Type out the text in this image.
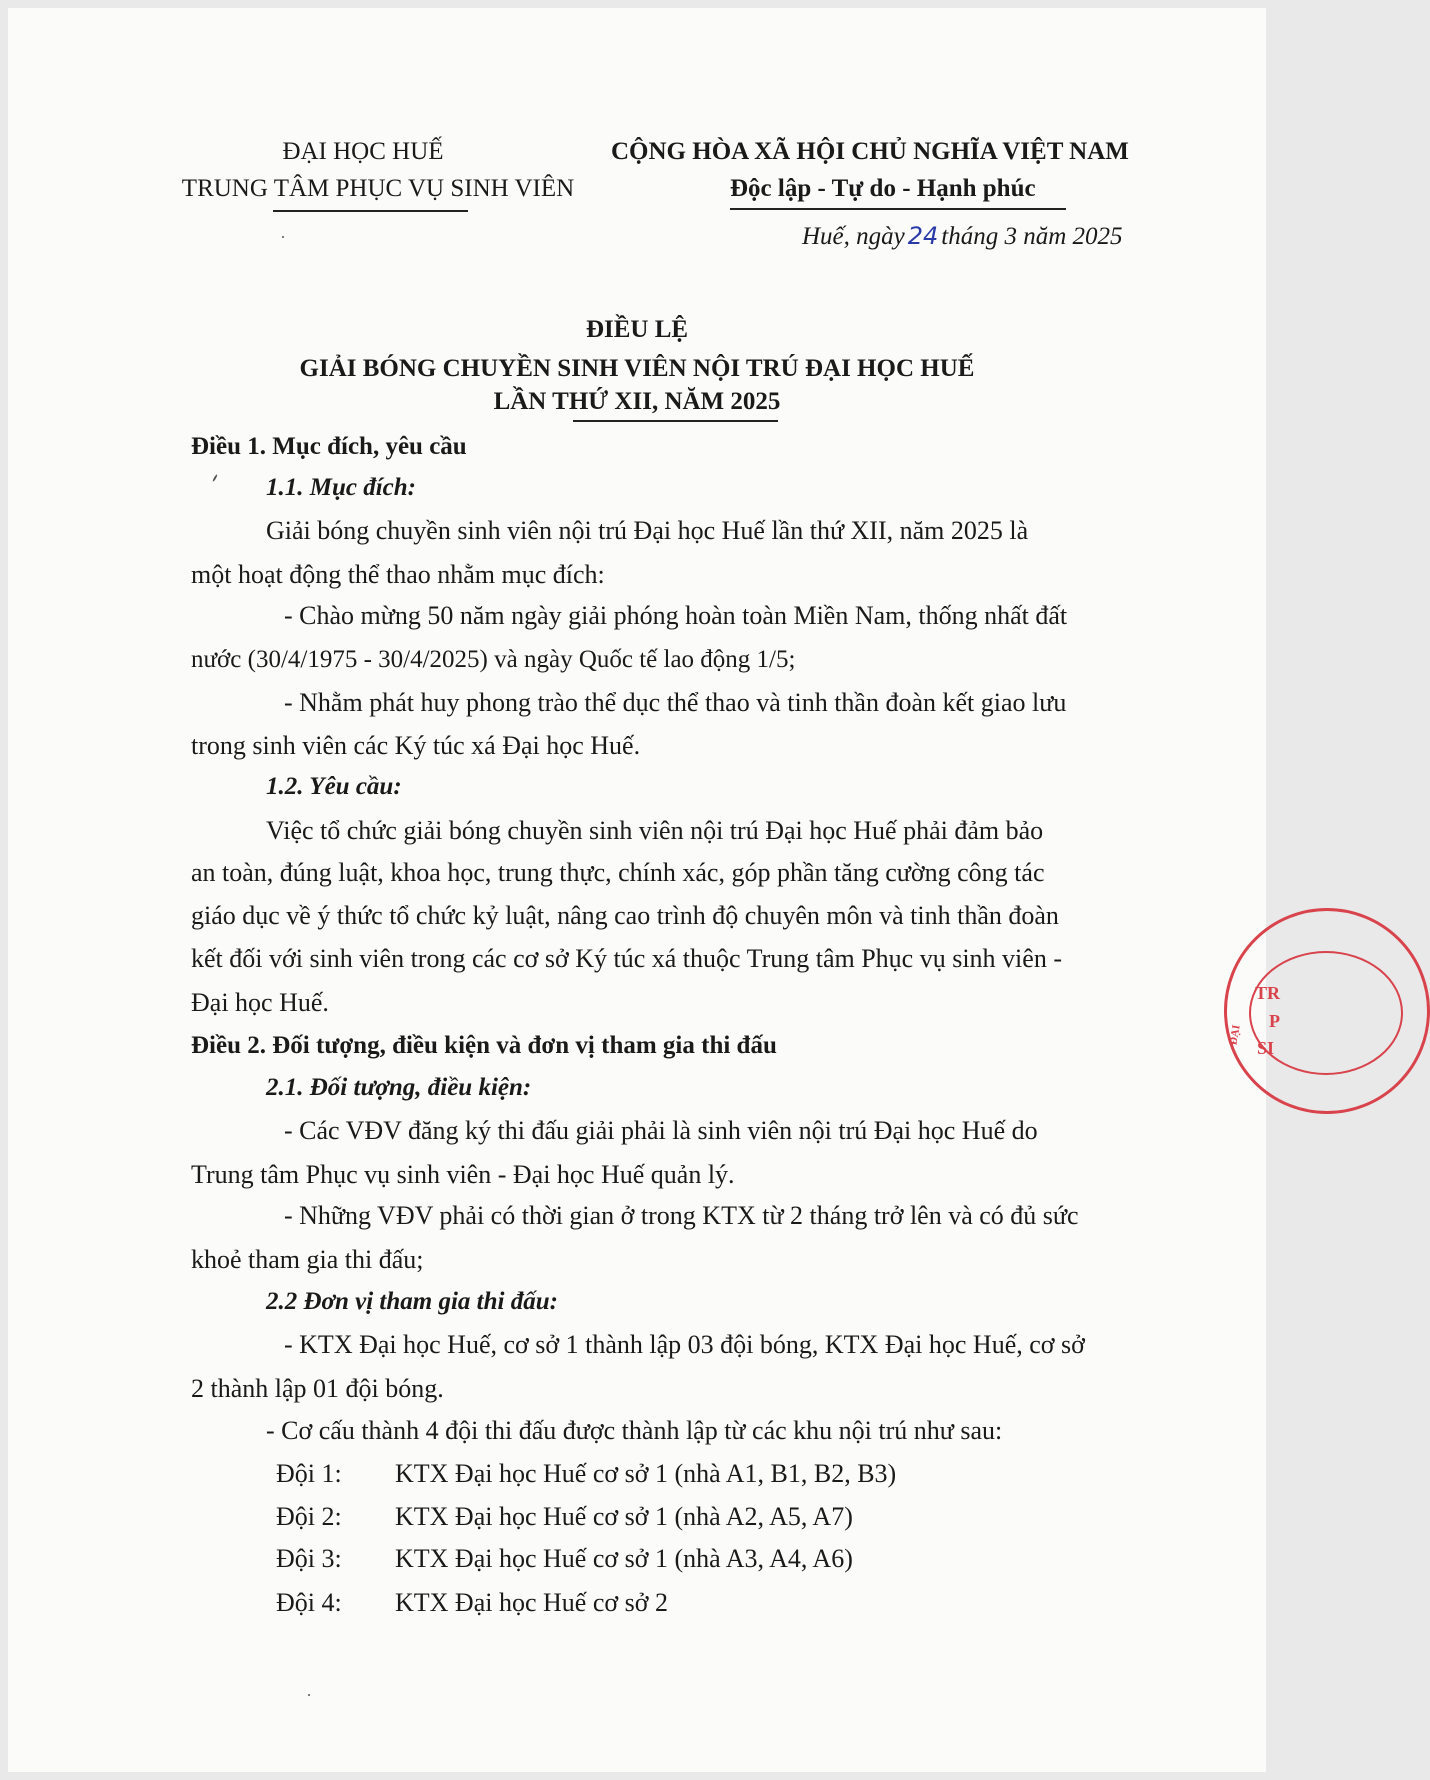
ĐẠI HỌC HUẾ
TRUNG TÂM PHỤC VỤ SINH VIÊN
CỘNG HÒA XÃ HỘI CHỦ NGHĨA VIỆT NAM
Độc lập - Tự do - Hạnh phúc
Huế, ngày 24 tháng 3 năm 2025
ĐIỀU LỆ
GIẢI BÓNG CHUYỀN SINH VIÊN NỘI TRÚ ĐẠI HỌC HUẾ
LẦN THỨ XII, NĂM 2025
Điều 1. Mục đích, yêu cầu
1.1. Mục đích:
Giải bóng chuyền sinh viên nội trú Đại học Huế lần thứ XII, năm 2025 là
một hoạt động thể thao nhằm mục đích:
- Chào mừng 50 năm ngày giải phóng hoàn toàn Miền Nam, thống nhất đất
nước (30/4/1975 - 30/4/2025) và ngày Quốc tế lao động 1/5;
- Nhằm phát huy phong trào thể dục thể thao và tinh thần đoàn kết giao lưu
trong sinh viên các Ký túc xá Đại học Huế.
1.2. Yêu cầu:
Việc tổ chức giải bóng chuyền sinh viên nội trú Đại học Huế phải đảm bảo
an toàn, đúng luật, khoa học, trung thực, chính xác, góp phần tăng cường công tác
giáo dục về ý thức tổ chức kỷ luật, nâng cao trình độ chuyên môn và tinh thần đoàn
kết đối với sinh viên trong các cơ sở Ký túc xá thuộc Trung tâm Phục vụ sinh viên -
Đại học Huế.
Điều 2. Đối tượng, điều kiện và đơn vị tham gia thi đấu
2.1. Đối tượng, điều kiện:
- Các VĐV đăng ký thi đấu giải phải là sinh viên nội trú Đại học Huế do
Trung tâm Phục vụ sinh viên - Đại học Huế quản lý.
- Những VĐV phải có thời gian ở trong KTX từ 2 tháng trở lên và có đủ sức
khoẻ tham gia thi đấu;
2.2 Đơn vị tham gia thi đấu:
- KTX Đại học Huế, cơ sở 1 thành lập 03 đội bóng, KTX Đại học Huế, cơ sở
2 thành lập 01 đội bóng.
- Cơ cấu thành 4 đội thi đấu được thành lập từ các khu nội trú như sau:
Đội 1: KTX Đại học Huế cơ sở 1 (nhà A1, B1, B2, B3)
Đội 2: KTX Đại học Huế cơ sở 1 (nhà A2, A5, A7)
Đội 3: KTX Đại học Huế cơ sở 1 (nhà A3, A4, A6)
Đội 4: KTX Đại học Huế cơ sở 2
TR
P
SI
ĐẠI
